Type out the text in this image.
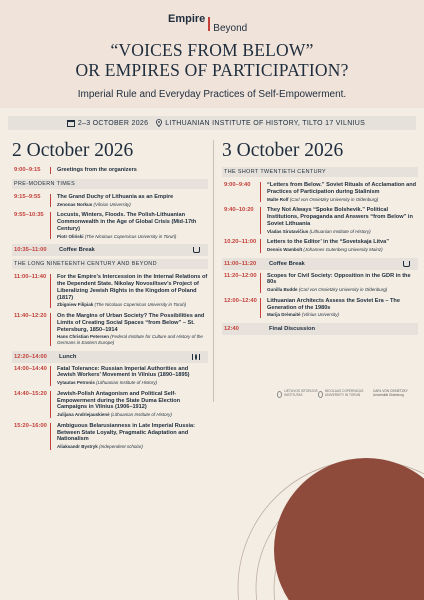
Empire
Beyond
“VOICES FROM BELOW”
OR EMPIRES OF PARTICIPATION?
Imperial Rule and Everyday Practices of Self-Empowerment.
2–3 OCTOBER 2026 LITHUANIAN INSTITUTE OF HISTORY, TILTO 17 VILNIUS
2 October 2026
9:00–9:15	Greetings from the organizers
PRE-MODERN TIMES
9:15–9:55	The Grand Duchy of Lithuania as an Empire
Zenonas Norkus (Vilnius University)
9:55–10:35	Locusts, Winters, Floods. The Polish-Lithuanian Commonwealth in the Age of Global Crisis (Mid-17th Century)
Piotr Oliński (The Nicolaus Copernicus University in Toruń)
10:35–11:00	Coffee Break
THE LONG NINETEENTH CENTURY AND BEYOND
11:00–11:40	For the Empire’s Intercession in the Internal Relations of the Dependent State. Nikolay Novosiltsev’s Project of Liberalizing Jewish Rights in the Kingdom of Poland (1817)
Zbigniew Filipiak (The Nicolaus Copernicus University in Toruń)
11:40–12:20	On the Margins of Urban Society? The Possibilities and Limits of Creating Social Spaces “from Below” – St. Petersburg, 1850–1914
Hans Christian Petersen (Federal Institute for Culture and History of the Germans in Eastern Europe)
12:20–14:00	Lunch
14:00–14:40	Fatal Tolerance: Russian Imperial Authorities and Jewish Workers’ Movement in Vilnius (1890–1895)
Vytautas Petronis (Lithuanian Institute of History)
14:40–15:20	Jewish-Polish Antagonism and Political Self-Empowerment during the State Duma Election Campaigns in Vilnius (1906–1912)
Julijana Andriejauskienė (Lithuanian Institute of History)
15:20–16:00	Ambiguous Belarusianness in Late Imperial Russia: Between State Loyalty, Pragmatic Adaptation and Nationalism
Aliaksandr Bystryk (Independent scholar)
3 October 2026
THE SHORT TWENTIETH CENTURY
9:00–9:40	“Letters from Below.” Soviet Rituals of Acclamation and Practices of Participation during Stalinism
Malte Rolf (Carl von Ossietzky University in Oldenburg)
9:40–10:20	They Not Always “Spoke Bolshevik.” Political Institutions, Propaganda and Answers “from Below” in Soviet Lithuania
Vladas Sirutavičius (Lithuanian Institute of History)
10.20–11:00	Letters to the Editor’ in the “Sovetskaja Litva”
Dennis Wambolt (Johannes Gutenberg University Mainz)
11:00–11:20	Coffee Break
11:20–12:00	Scopes for Civil Society: Opposition in the GDR in the 80s
Gunilla Budde (Carl von Ossietzky University in Oldenburg)
12:00–12:40	Lithuanian Architects Assess the Soviet Era – The Generation of the 1980s
Marija Drėmaitė (Vilnius University)
12:40	Final Discussion
LIETUVOS ISTORIJOS INSTITUTAS
NICOLAUS COPERNICUS UNIVERSITY IN TORUŃ
CARL VON OSSIETZKY Universität Oldenburg
